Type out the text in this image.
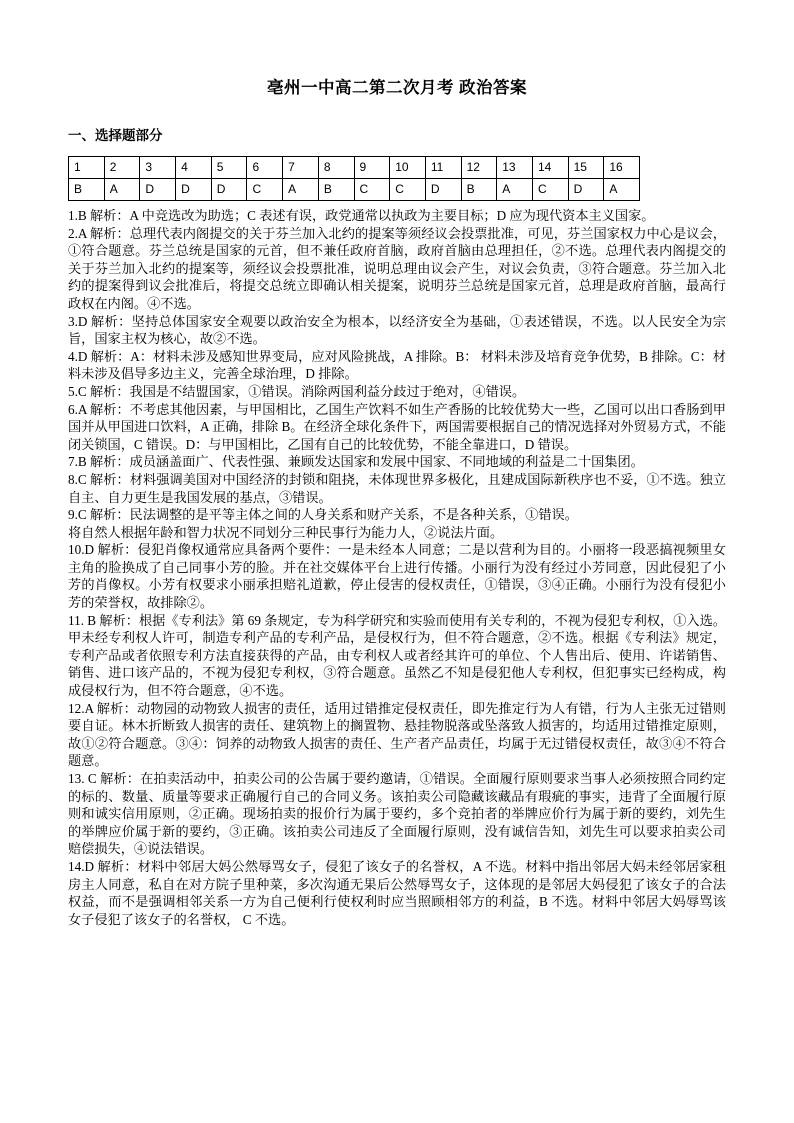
亳州一中高二第二次月考 政治答案
一、选择题部分
1	2	3	4	5	6	7	8	9	10	11	12	13	14	15	16
B	A	D	D	D	C	A	B	C	C	D	B	A	C	D	A

1.B 解析：A 中竞选改为助选；C 表述有误，政党通常以执政为主要目标；D 应为现代资本主义国家。

2.A 解析：总理代表内阁提交的关于芬兰加入北约的提案等须经议会投票批准，可见，芬兰国家权力中心是议会，①符合题意。芬兰总统是国家的元首，但不兼任政府首脑，政府首脑由总理担任，②不选。总理代表内阁提交的关于芬兰加入北约的提案等，须经议会投票批准，说明总理由议会产生，对议会负责，③符合题意。芬兰加入北约的提案得到议会批准后，将提交总统立即确认相关提案，说明芬兰总统是国家元首，总理是政府首脑，最高行政权在内阁。④不选。

3.D 解析：坚持总体国家安全观要以政治安全为根本，以经济安全为基础，①表述错误，不选。以人民安全为宗旨，国家主权为核心，故②不选。

4.D 解析：A：材料未涉及感知世界变局，应对风险挑战，A 排除。B： 材料未涉及培育竞争优势，B 排除。C：材料未涉及倡导多边主义，完善全球治理，D 排除。

5.C 解析：我国是不结盟国家，①错误。消除两国利益分歧过于绝对，④错误。

6.A 解析：不考虑其他因素，与甲国相比，乙国生产饮料不如生产香肠的比较优势大一些，乙国可以出口香肠到甲国并从甲国进口饮料，A 正确，排除 B。在经济全球化条件下，两国需要根据自己的情况选择对外贸易方式，不能闭关锁国，C 错误。D：与甲国相比，乙国有自己的比较优势，不能全靠进口，D 错误。

7.B 解析：成员涵盖面广、代表性强、兼顾发达国家和发展中国家、不同地域的利益是二十国集团。

8.C 解析：材料强调美国对中国经济的封锁和阻挠，未体现世界多极化，且建成国际新秩序也不妥，①不选。独立自主、自力更生是我国发展的基点，③错误。

9.C 解析：民法调整的是平等主体之间的人身关系和财产关系，不是各种关系，①错误。

将自然人根据年龄和智力状况不同划分三种民事行为能力人，②说法片面。

10.D 解析：侵犯肖像权通常应具备两个要件：一是未经本人同意；二是以营利为目的。小丽将一段恶搞视频里女主角的脸换成了自己同事小芳的脸。并在社交媒体平台上进行传播。小丽行为没有经过小芳同意，因此侵犯了小芳的肖像权。小芳有权要求小丽承担赔礼道歉，停止侵害的侵权责任，①错误，③④正确。小丽行为没有侵犯小芳的荣誉权，故排除②。

11. B 解析：根据《专利法》第 69 条规定，专为科学研究和实验而使用有关专利的，不视为侵犯专利权，①入选。 甲未经专利权人许可，制造专利产品的专利产品，是侵权行为，但不符合题意，②不选。根据《专利法》规定，专利产品或者依照专利方法直接获得的产品，由专利权人或者经其许可的单位、个人售出后、使用、许诺销售、销售、进口该产品的，不视为侵犯专利权，③符合题意。虽然乙不知是侵犯他人专利权，但犯事实已经构成，构成侵权行为，但不符合题意，④不选。

12.A 解析：动物园的动物致人损害的责任，适用过错推定侵权责任，即先推定行为人有错，行为人主张无过错则要自证。林木折断致人损害的责任、建筑物上的搁置物、悬挂物脱落或坠落致人损害的，均适用过错推定原则，故①②符合题意。③④：饲养的动物致人损害的责任、生产者产品责任，均属于无过错侵权责任，故③④不符合题意。

13. C 解析：在拍卖活动中，拍卖公司的公告属于要约邀请，①错误。全面履行原则要求当事人必须按照合同约定的标的、数量、质量等要求正确履行自己的合同义务。该拍卖公司隐藏该藏品有瑕疵的事实，违背了全面履行原则和诚实信用原则，②正确。现场拍卖的报价行为属于要约，多个竞拍者的举牌应价行为属于新的要约，刘先生的举牌应价属于新的要约，③正确。该拍卖公司违反了全面履行原则，没有诚信告知，刘先生可以要求拍卖公司赔偿损失，④说法错误。

14.D 解析：材料中邻居大妈公然辱骂女子，侵犯了该女子的名誉权，A 不选。材料中指出邻居大妈未经邻居家租房主人同意，私自在对方院子里种菜，多次沟通无果后公然辱骂女子，这体现的是邻居大妈侵犯了该女子的合法权益，而不是强调相邻关系一方为自己便利行使权利时应当照顾相邻方的利益，B 不选。材料中邻居大妈辱骂该女子侵犯了该女子的名誉权， C 不选。
